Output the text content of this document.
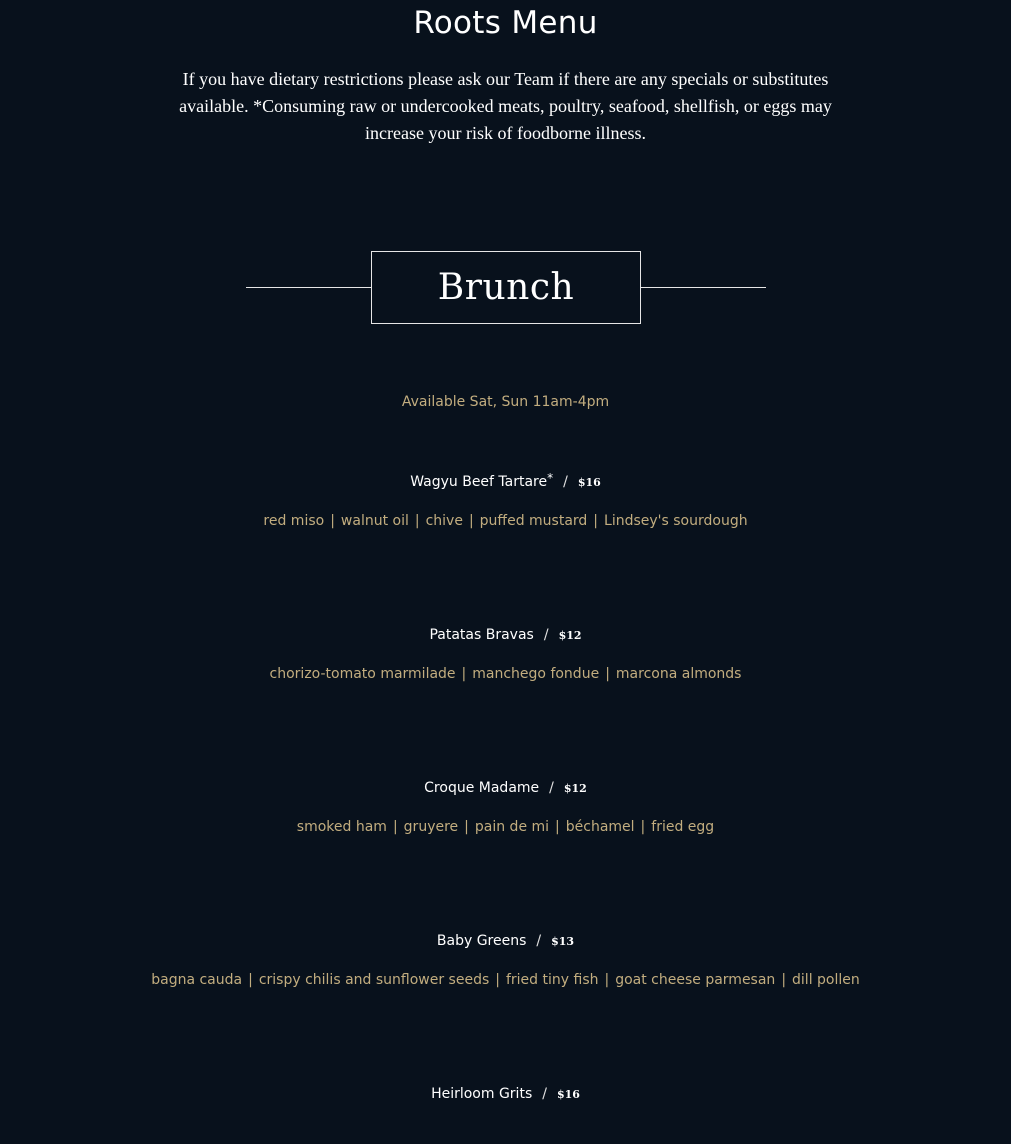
Roots Menu
If you have dietary restrictions please ask our Team if there are any specials or substitutes available. *Consuming raw or undercooked meats, poultry, seafood, shellfish, or eggs may increase your risk of foodborne illness.
Brunch
Available Sat, Sun 11am-4pm
Wagyu Beef Tartare* / $16
red miso | walnut oil | chive | puffed mustard | Lindsey's sourdough
Patatas Bravas / $12
chorizo-tomato marmilade | manchego fondue | marcona almonds
Croque Madame / $12
smoked ham | gruyere | pain de mi | béchamel | fried egg
Baby Greens / $13
bagna cauda | crispy chilis and sunflower seeds | fried tiny fish | goat cheese parmesan | dill pollen
Heirloom Grits / $16
